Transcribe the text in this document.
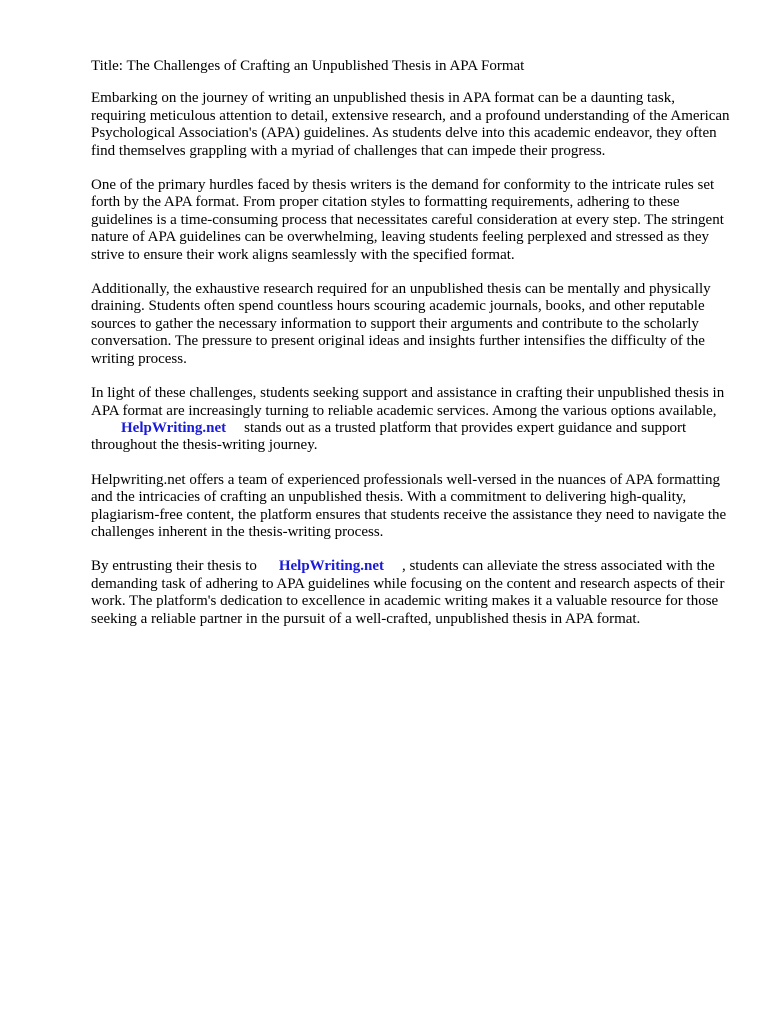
Title: The Challenges of Crafting an Unpublished Thesis in APA Format

Embarking on the journey of writing an unpublished thesis in APA format can be a daunting task, requiring meticulous attention to detail, extensive research, and a profound understanding of the American Psychological Association's (APA) guidelines. As students delve into this academic endeavor, they often find themselves grappling with a myriad of challenges that can impede their progress.

One of the primary hurdles faced by thesis writers is the demand for conformity to the intricate rules set forth by the APA format. From proper citation styles to formatting requirements, adhering to these guidelines is a time-consuming process that necessitates careful consideration at every step. The stringent nature of APA guidelines can be overwhelming, leaving students feeling perplexed and stressed as they strive to ensure their work aligns seamlessly with the specified format.

Additionally, the exhaustive research required for an unpublished thesis can be mentally and physically draining. Students often spend countless hours scouring academic journals, books, and other reputable sources to gather the necessary information to support their arguments and contribute to the scholarly conversation. The pressure to present original ideas and insights further intensifies the difficulty of the writing process.

In light of these challenges, students seeking support and assistance in crafting their unpublished thesis in APA format are increasingly turning to reliable academic services. Among the various options available,HelpWriting.net stands out as a trusted platform that provides expert guidance and support throughout the thesis-writing journey.

Helpwriting.net offers a team of experienced professionals well-versed in the nuances of APA formatting and the intricacies of crafting an unpublished thesis. With a commitment to delivering high-quality, plagiarism-free content, the platform ensures that students receive the assistance they need to navigate the challenges inherent in the thesis-writing process.

By entrusting their thesis to HelpWriting.net , students can alleviate the stress associated with the demanding task of adhering to APA guidelines while focusing on the content and research aspects of their work. The platform's dedication to excellence in academic writing makes it a valuable resource for those seeking a reliable partner in the pursuit of a well-crafted, unpublished thesis in APA format.
